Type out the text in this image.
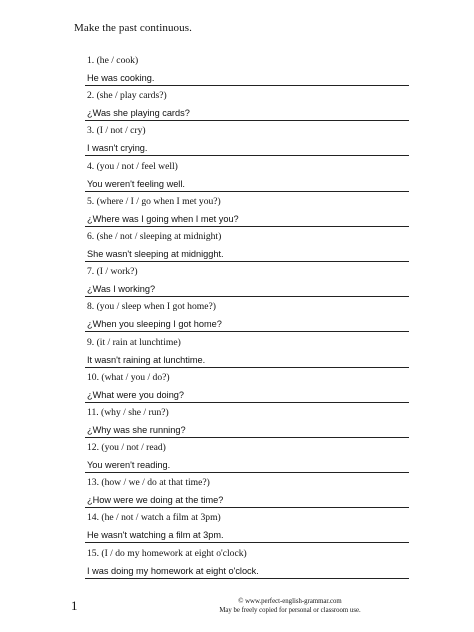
Make the past continuous.
1. (he / cook)
He was cooking.
2. (she / play cards?)
¿Was she playing cards?
3. (I / not / cry)
I wasn't crying.
4. (you / not / feel well)
You weren't feeling well.
5. (where / I / go when I met you?)
¿Where was I going when I met you?
6. (she / not / sleeping at midnight)
She wasn't sleeping at midnigght.
7. (I / work?)
¿Was I working?
8. (you / sleep when I got home?)
¿When you sleeping I got home?
9. (it / rain at lunchtime)
It wasn't raining at lunchtime.
10. (what / you / do?)
¿What were you doing?
11. (why / she / run?)
¿Why was she running?
12. (you / not / read)
You weren't reading.
13. (how / we / do at that time?)
¿How were we doing at the time?
14. (he / not / watch a film at 3pm)
He wasn't watching a film at 3pm.
15. (I / do my homework at eight o'clock)
I was doing my homework at eight o'clock.
1	© www.perfect-english-grammar.com
May be freely copied for personal or classroom use.
